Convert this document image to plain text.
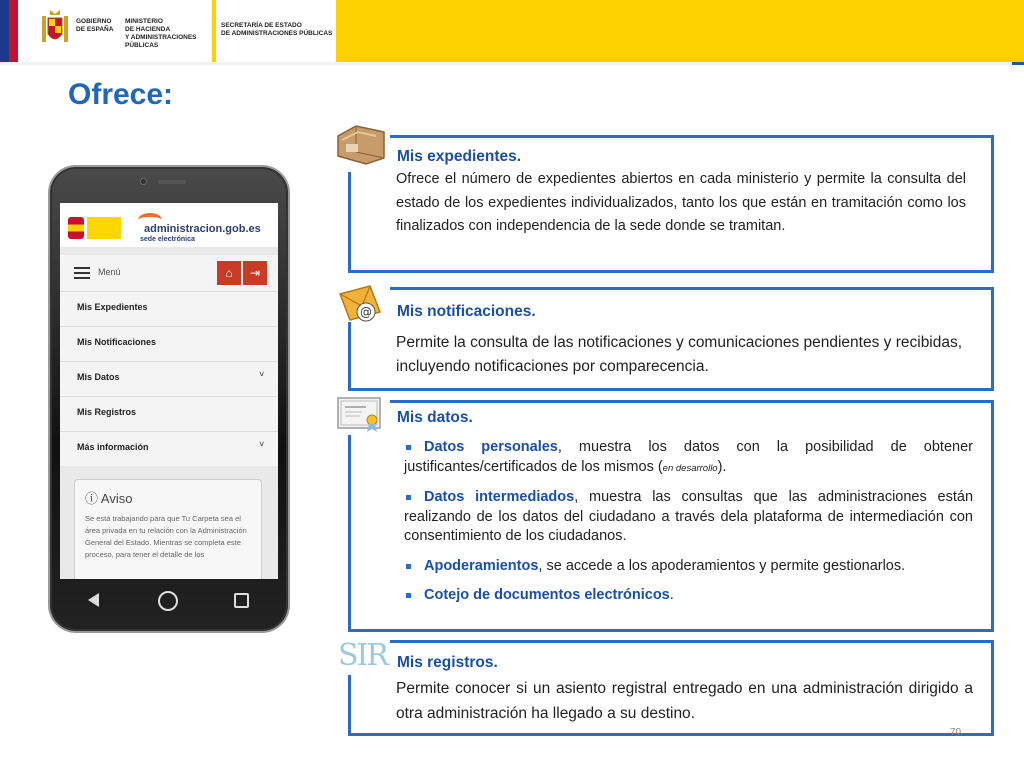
GOBIERNO
DE ESPAÑA
MINISTERIO
DE HACIENDA
Y ADMINISTRACIONES PÚBLICAS
SECRETARÍA DE ESTADO
DE ADMINISTRACIONES PÚBLICAS
Ofrece:
administracion.gob.es
sede electrónica
Menú	⌂	⇥
Mis Expedientes
Mis Notificaciones
Mis Datos	˅
Mis Registros
Más información	˅
ⓘ Aviso
Se está trabajando para que Tu Carpeta sea el área privada en tu relación con la Administración General del Estado. Mientras se completa este proceso, para tener el detalle de los
Mis expedientes.
Ofrece el número de expedientes abiertos en cada ministerio y permite la consulta del estado de los expedientes individualizados, tanto los que están en tramitación como los finalizados con independencia de la sede donde se tramitan.
@ Mis notificaciones.
Permite la consulta de las notificaciones y comunicaciones pendientes y recibidas, incluyendo notificaciones por comparecencia.
Mis datos.
Datos personales, muestra los datos con la posibilidad de obtener justificantes/certificados de los mismos (en desarrollo).
Datos intermediados, muestra las consultas que las administraciones están realizando de los datos del ciudadano a través dela plataforma de intermediación con consentimiento de los ciudadanos.
Apoderamientos, se accede a los apoderamientos y permite gestionarlos.
Cotejo de documentos electrónicos.
SIR Mis registros.
Permite conocer si un asiento registral entregado en una administración dirigido a otra administración ha llegado a su destino.
70
